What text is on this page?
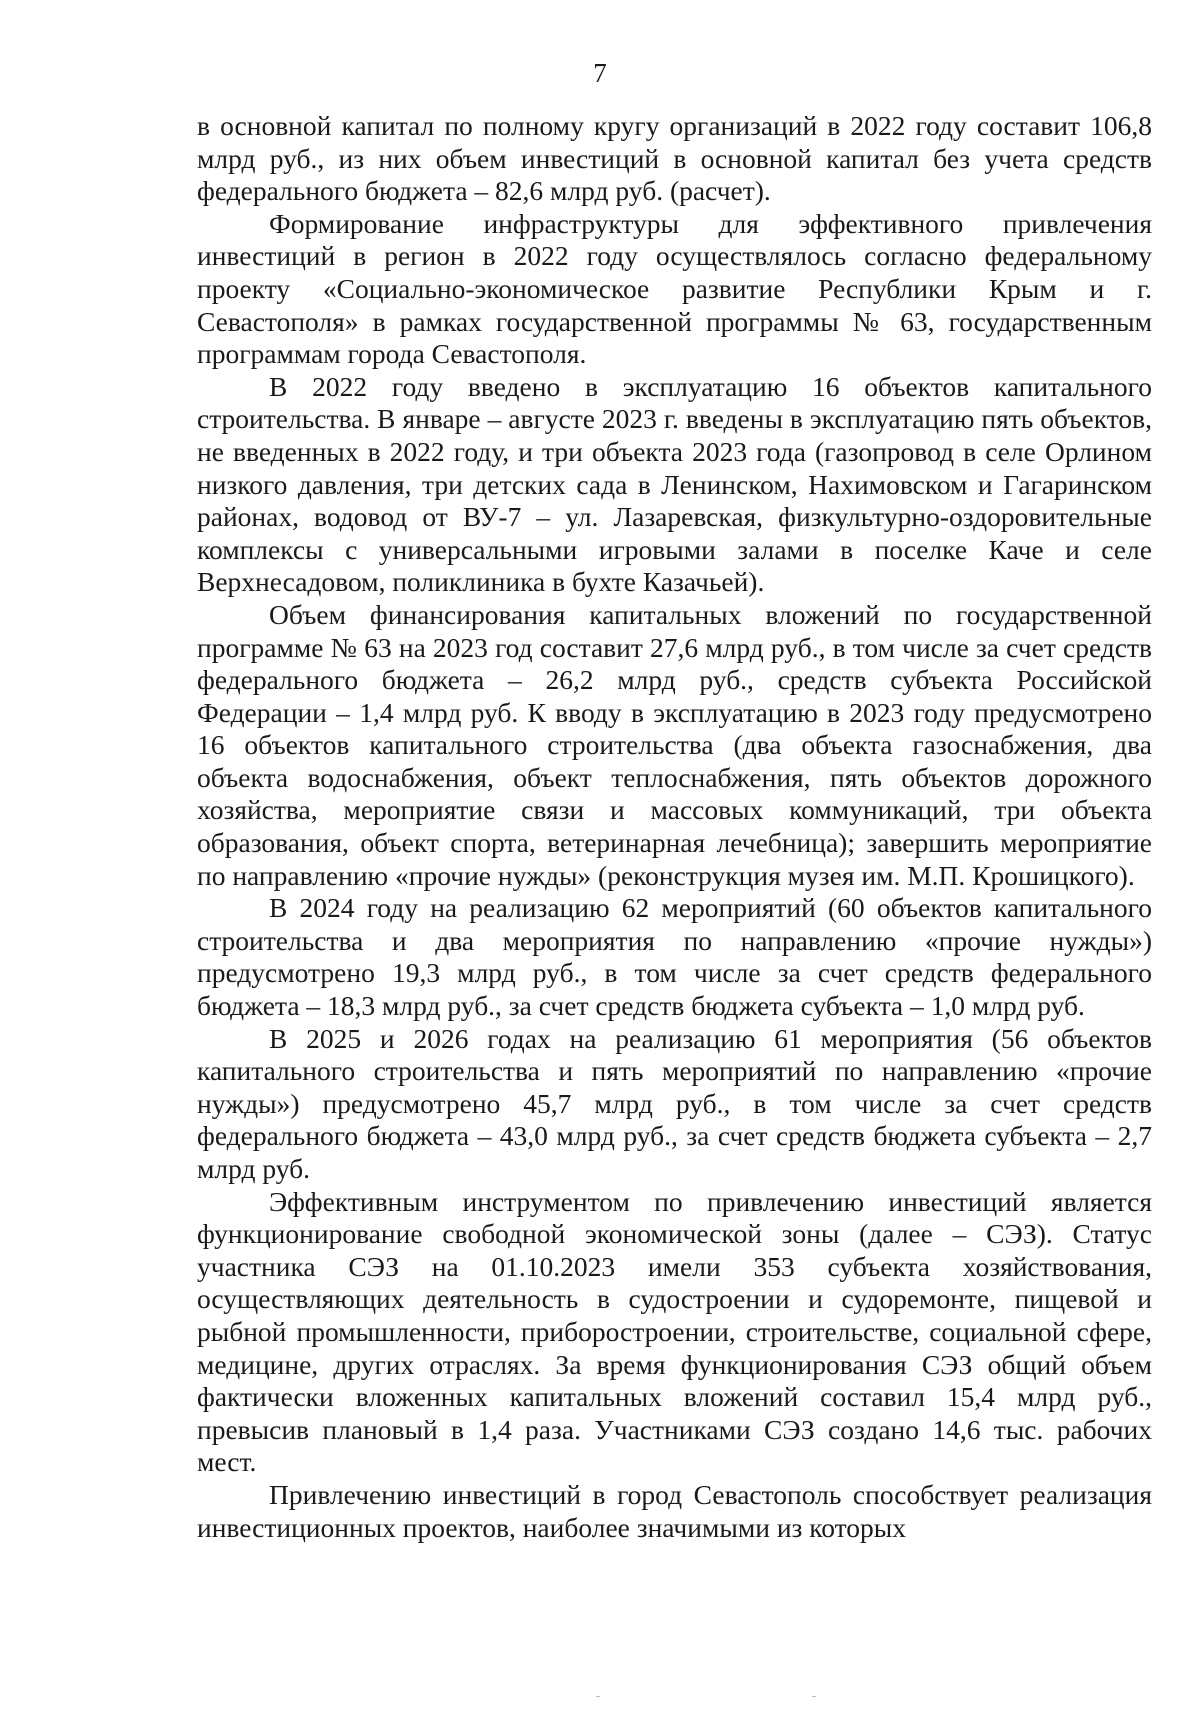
7

в основной капитал по полному кругу организаций в 2022 году составит 106,8 млрд руб., из них объем инвестиций в основной капитал без учета средств федерального бюджета – 82,6 млрд руб. (расчет).

Формирование инфраструктуры для эффективного привлечения инвестиций в регион в 2022 году осуществлялось согласно федеральному проекту «Социально-экономическое развитие Республики Крым и г. Севастополя» в рамках государственной программы № 63, государственным программам города Севастополя.

В 2022 году введено в эксплуатацию 16 объектов капитального строительства. В январе – августе 2023 г. введены в эксплуатацию пять объектов, не введенных в 2022 году, и три объекта 2023 года (газопровод в селе Орлином низкого давления, три детских сада в Ленинском, Нахимовском и Гагаринском районах, водовод от ВУ-7 – ул. Лазаревская, физкультурно-оздоровительные комплексы с универсальными игровыми залами в поселке Каче и селе Верхнесадовом, поликлиника в бухте Казачьей).

Объем финансирования капитальных вложений по государственной программе № 63 на 2023 год составит 27,6 млрд руб., в том числе за счет средств федерального бюджета – 26,2 млрд руб., средств субъекта Российской Федерации – 1,4 млрд руб. К вводу в эксплуатацию в 2023 году предусмотрено 16 объектов капитального строительства (два объекта газоснабжения, два объекта водоснабжения, объект теплоснабжения, пять объектов дорожного хозяйства, мероприятие связи и массовых коммуникаций, три объекта образования, объект спорта, ветеринарная лечебница); завершить мероприятие по направлению «прочие нужды» (реконструкция музея им. М.П. Крошицкого).

В 2024 году на реализацию 62 мероприятий (60 объектов капитального строительства и два мероприятия по направлению «прочие нужды») предусмотрено 19,3 млрд руб., в том числе за счет средств федерального бюджета – 18,3 млрд руб., за счет средств бюджета субъекта – 1,0 млрд руб.

В 2025 и 2026 годах на реализацию 61 мероприятия (56 объектов капитального строительства и пять мероприятий по направлению «прочие нужды») предусмотрено 45,7 млрд руб., в том числе за счет средств федерального бюджета – 43,0 млрд руб., за счет средств бюджета субъекта – 2,7 млрд руб.

Эффективным инструментом по привлечению инвестиций является функционирование свободной экономической зоны (далее – СЭЗ). Статус участника СЭЗ на 01.10.2023 имели 353 субъекта хозяйствования, осуществляющих деятельность в судостроении и судоремонте, пищевой и рыбной промышленности, приборостроении, строительстве, социальной сфере, медицине, других отраслях. За время функционирования СЭЗ общий объем фактически вложенных капитальных вложений составил 15,4 млрд руб., превысив плановый в 1,4 раза. Участниками СЭЗ создано 14,6 тыс. рабочих мест.

Привлечению инвестиций в город Севастополь способствует реализация инвестиционных проектов, наиболее значимыми из которых
